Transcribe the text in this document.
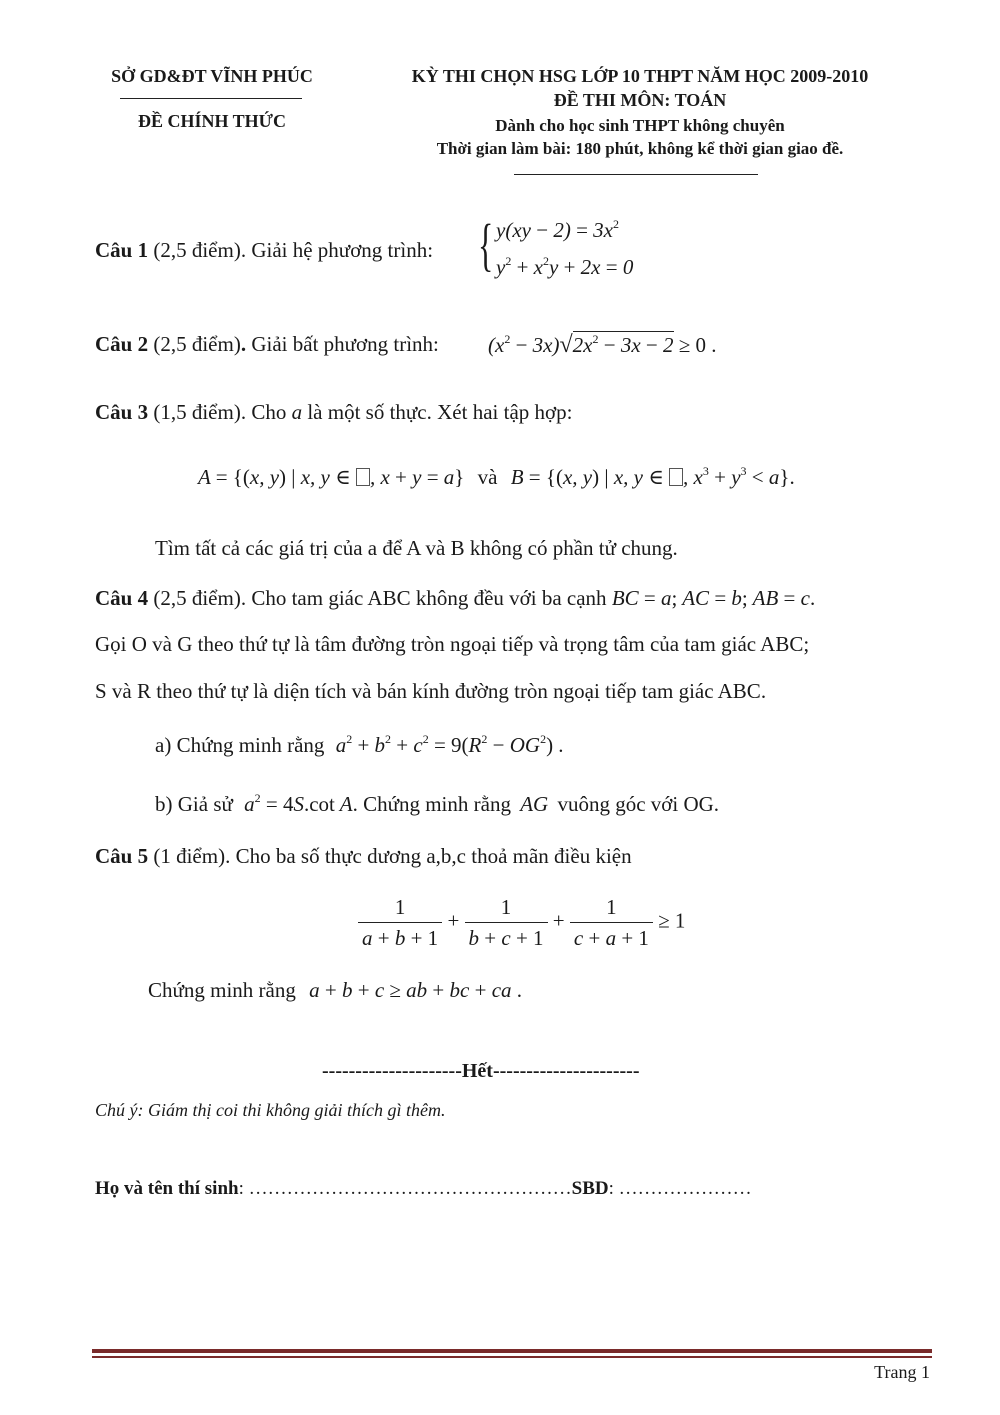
SỞ GD&ĐT VĨNH PHÚC
ĐỀ CHÍNH THỨC
KỲ THI CHỌN HSG LỚP 10 THPT NĂM HỌC 2009-2010
ĐỀ THI MÔN: TOÁN
Dành cho học sinh THPT không chuyên
Thời gian làm bài: 180 phút, không kể thời gian giao đề.
Câu 1 (2,5 điểm). Giải hệ phương trình: { $y(xy - 2) = 3x^2$
$y^2 + x^2y + 2x = 0$
Câu 2 (2,5 điểm). Giải bất phương trình: $(x^2 - 3x)√2x^2 - 3x - 2 \ge 0$ .
Câu 3 (1,5 điểm). Cho a là một số thực. Xét hai tập hợp:
A = {(x, y) | x, y ∈ , x + y = a} và B = {(x, y) | x, y ∈ , $x^3 + y^3 < a$}.
Tìm tất cả các giá trị của a để A và B không có phần tử chung.
Câu 4 (2,5 điểm). Cho tam giác ABC không đều với ba cạnh BC = a; AC = b; AB = c.
Gọi O và G theo thứ tự là tâm đường tròn ngoại tiếp và trọng tâm của tam giác ABC;
S và R theo thứ tự là diện tích và bán kính đường tròn ngoại tiếp tam giác ABC.
a) Chứng minh rằng $a^2 + b^2 + c^2 = 9(R^2 - OG^2)$ .
b) Giả sử $a^2 = 4S.\cot$ A. Chứng minh rằng AG vuông góc với OG.
Câu 5 (1 điểm). Cho ba số thực dương a,b,c thoả mãn điều kiện
$\frac{1}{a + b + 1} + \frac{1}{b + c + 1} + \frac{1}{c + a + 1} \ge 1$
Chứng minh rằng a + b + c ≥ ab + bc + ca .
---------------------Hết----------------------
Chú ý: Giám thị coi thi không giải thích gì thêm.
Họ và tên thí sinh: ……………………………………………SBD: …………………
Trang 1
